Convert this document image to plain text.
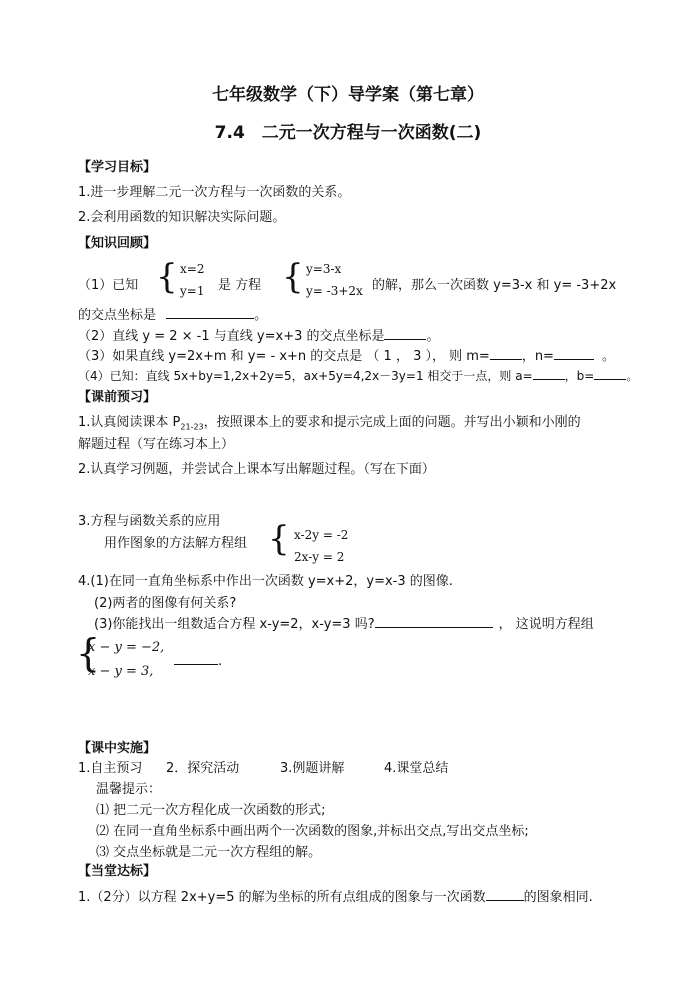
七年级数学（下）导学案（第七章）
7.4　二元一次方程与一次函数(二)
【学习目标】
1.进一步理解二元一次方程与一次函数的关系。
2.会利用函数的知识解决实际问题。
【知识回顾】
（1）已知 { x=2
y=1 是 方程 { y=3-x
y= -3+2x 的解，那么一次函数 y=3-x 和 y= -3+2x
的交点坐标是	。
（2）直线 y = 2 × -1 与直线 y=x+3 的交点坐标是	。
（3）如果直线 y=2x+m 和 y= - x+n 的交点是 （ 1 ， 3 ）， 则 m= ，n=	。
（4）已知：直线 5x+by=1,2x+2y=5，ax+5y=4,2x－3y=1 相交于一点，则 a=	，b=	。
【课前预习】
1.认真阅读课本 $P_{21-23}$，按照课本上的要求和提示完成上面的问题。并写出小颖和小刚的
解题过程（写在练习本上）
2.认真学习例题，并尝试合上课本写出解题过程。（写在下面）
3.方程与函数关系的应用
用作图象的方法解方程组 { x-2y = -2
2x-y = 2
4.(1)在同一直角坐标系中作出一次函数 y=x+2，y=x-3 的图像.
(2)两者的图像有何关系?
(3)你能找出一组数适合方程 x-y=2，x-y=3 吗?	， 这说明方程组
{
x − y = −2,
x − y = 3,
.
【课中实施】
1.自主预习 2．探究活动	3.例题讲解	4.课堂总结
温馨提示：
⑴ 把二元一次方程化成一次函数的形式;
⑵ 在同一直角坐标系中画出两个一次函数的图象,并标出交点,写出交点坐标;
⑶ 交点坐标就是二元一次方程组的解。
【当堂达标】
1.（2分）以方程 2x+y=5 的解为坐标的所有点组成的图象与一次函数	的图象相同.
